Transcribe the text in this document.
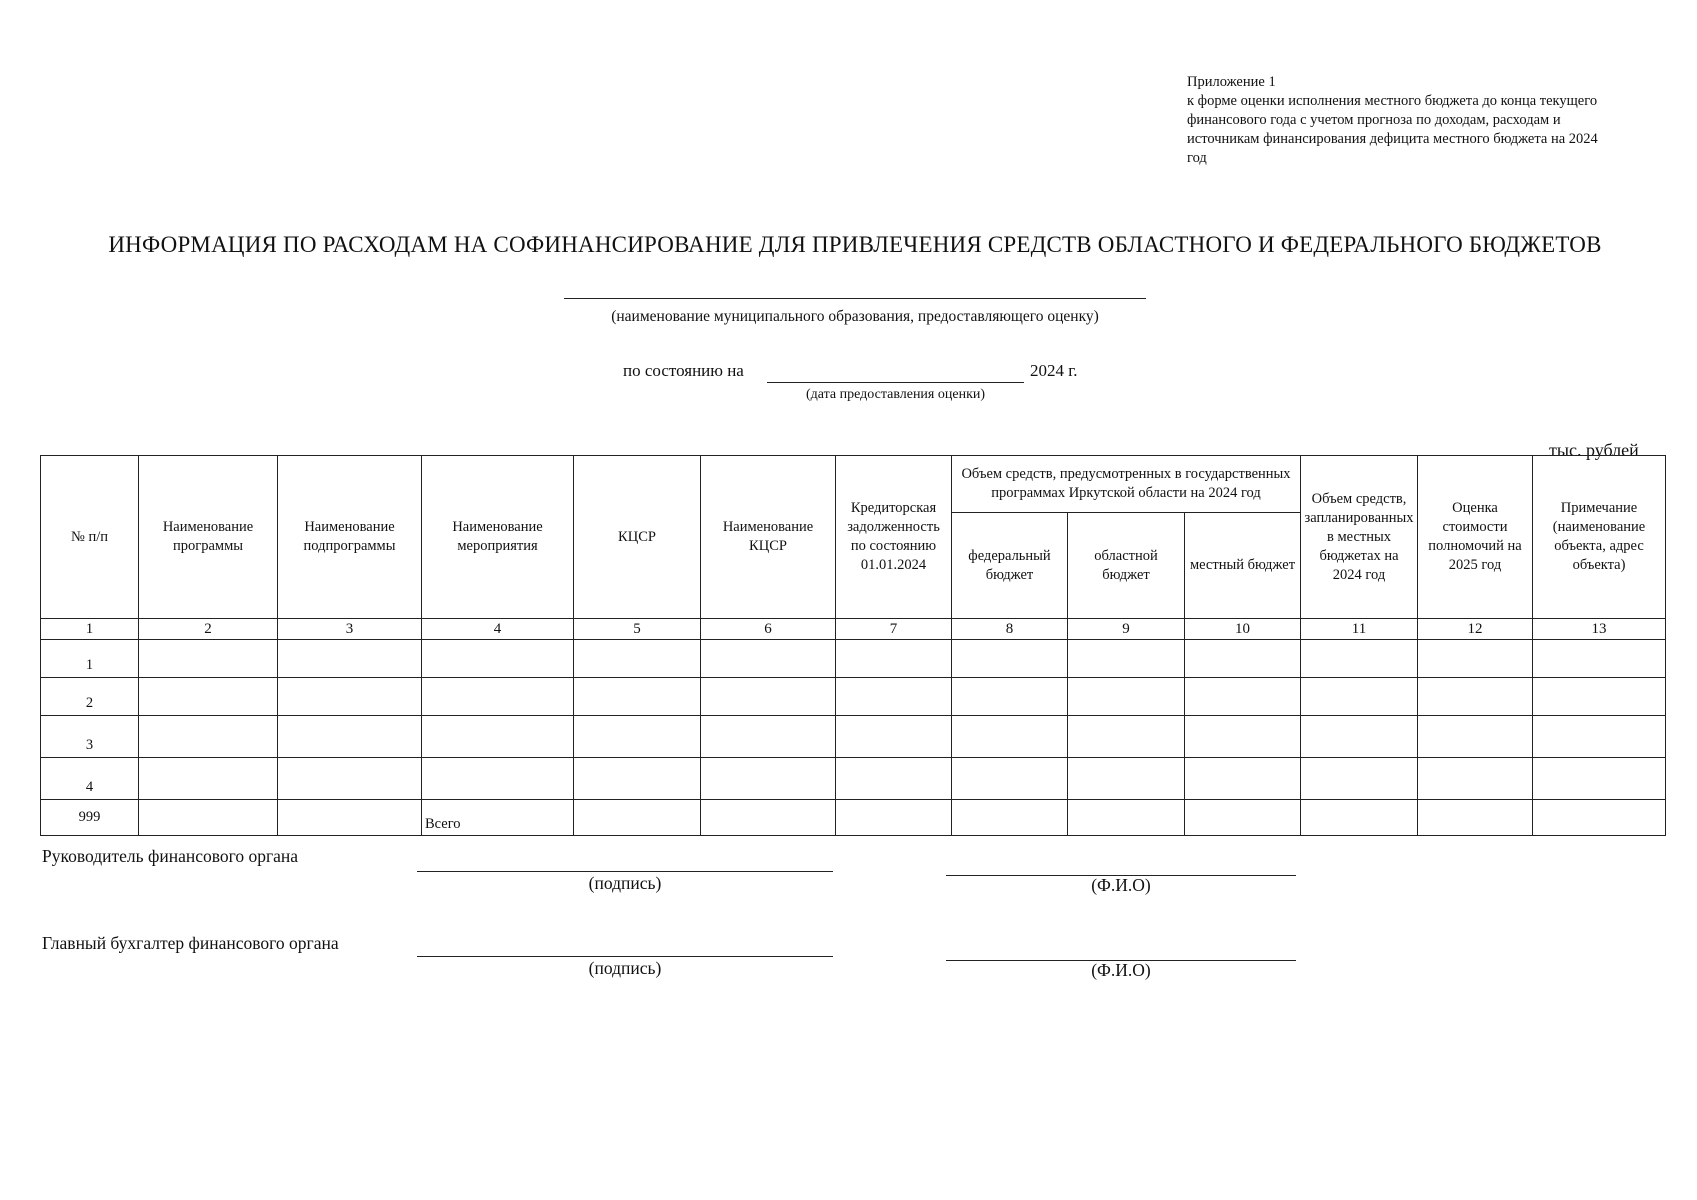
Приложение 1
к форме оценки исполнения местного бюджета до конца текущего
финансового года с учетом прогноза по доходам, расходам и
источникам финансирования дефицита местного бюджета на 2024
год
ИНФОРМАЦИЯ ПО РАСХОДАМ НА СОФИНАНСИРОВАНИЕ ДЛЯ ПРИВЛЕЧЕНИЯ СРЕДСТВ ОБЛАСТНОГО И ФЕДЕРАЛЬНОГО БЮДЖЕТОВ
(наименование муниципального образования, предоставляющего оценку)
по состоянию на	2024 г.
(дата предоставления оценки)
тыс. рублей
№ п/п	Наименование программы	Наименование подпрограммы	Наименование мероприятия	КЦСР	Наименование КЦСР	Кредиторская задолженность по состоянию 01.01.2024	Объем средств, предусмотренных в государственных программах Иркутской области на 2024 год			Объем средств, запланированных в местных бюджетах на 2024 год	Оценка стоимости полномочий на 2025 год	Примечание (наименование объекта, адрес объекта)
							федеральный бюджет	областной бюджет	местный бюджет			
1	2	3	4	5	6	7	8	9	10	11	12	13
1												
2												
3												
4												
999			Всего									
Руководитель финансового органа
(подпись)	(Ф.И.О)
Главный бухгалтер финансового органа
(подпись)	(Ф.И.О)
